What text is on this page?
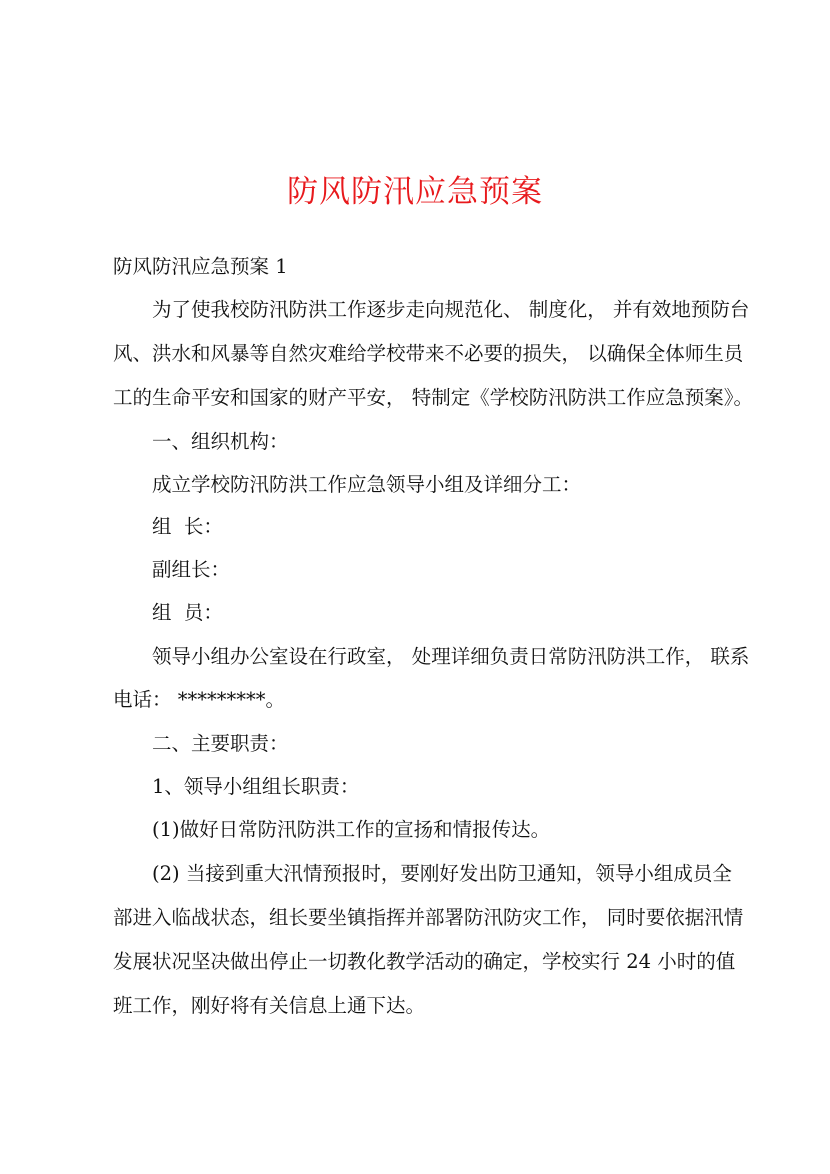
防风防汛应急预案
防风防汛应急预案 1
为了使我校防汛防洪工作逐步走向规范化、 制度化， 并有效地预防台
风、洪水和风暴等自然灾难给学校带来不必要的损失， 以确保全体师生员
工的生命平安和国家的财产平安， 特制定《学校防汛防洪工作应急预案》。
一、组织机构：
成立学校防汛防洪工作应急领导小组及详细分工：
组  长：
副组长：
组  员：
领导小组办公室设在行政室， 处理详细负责日常防汛防洪工作， 联系
电话： *********。
二、主要职责：
1、领导小组组长职责：
(1)做好日常防汛防洪工作的宣扬和情报传达。
(2) 当接到重大汛情预报时，要刚好发出防卫通知，领导小组成员全
部进入临战状态，组长要坐镇指挥并部署防汛防灾工作， 同时要依据汛情
发展状况坚决做出停止一切教化教学活动的确定，学校实行 24 小时的值
班工作，刚好将有关信息上通下达。
